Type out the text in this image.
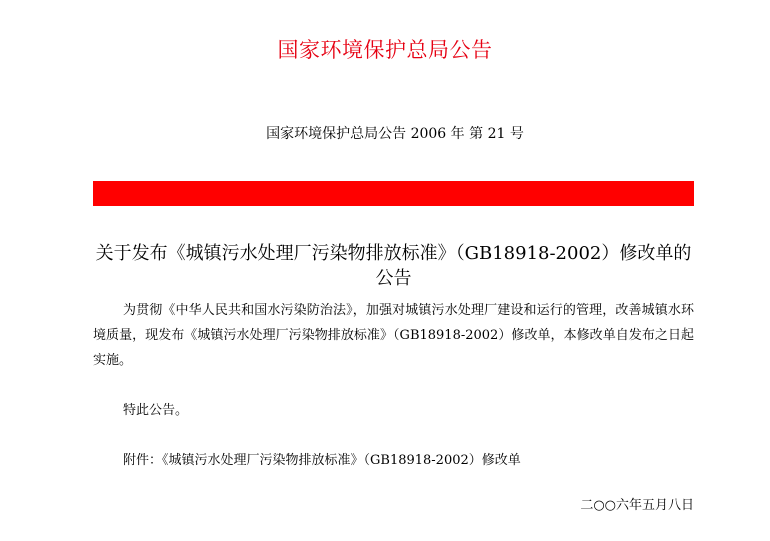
国家环境保护总局公告
国家环境保护总局公告 2006 年 第 21 号
关于发布《城镇污水处理厂污染物排放标准》（GB18918-2002）修改单的公告
为贯彻《中华人民共和国水污染防治法》，加强对城镇污水处理厂建设和运行的管理，改善城镇水环境质量，现发布《城镇污水处理厂污染物排放标准》（GB18918-2002）修改单，本修改单自发布之日起实施。
特此公告。
附件：《城镇污水处理厂污染物排放标准》（GB18918-2002）修改单
二○○六年五月八日
